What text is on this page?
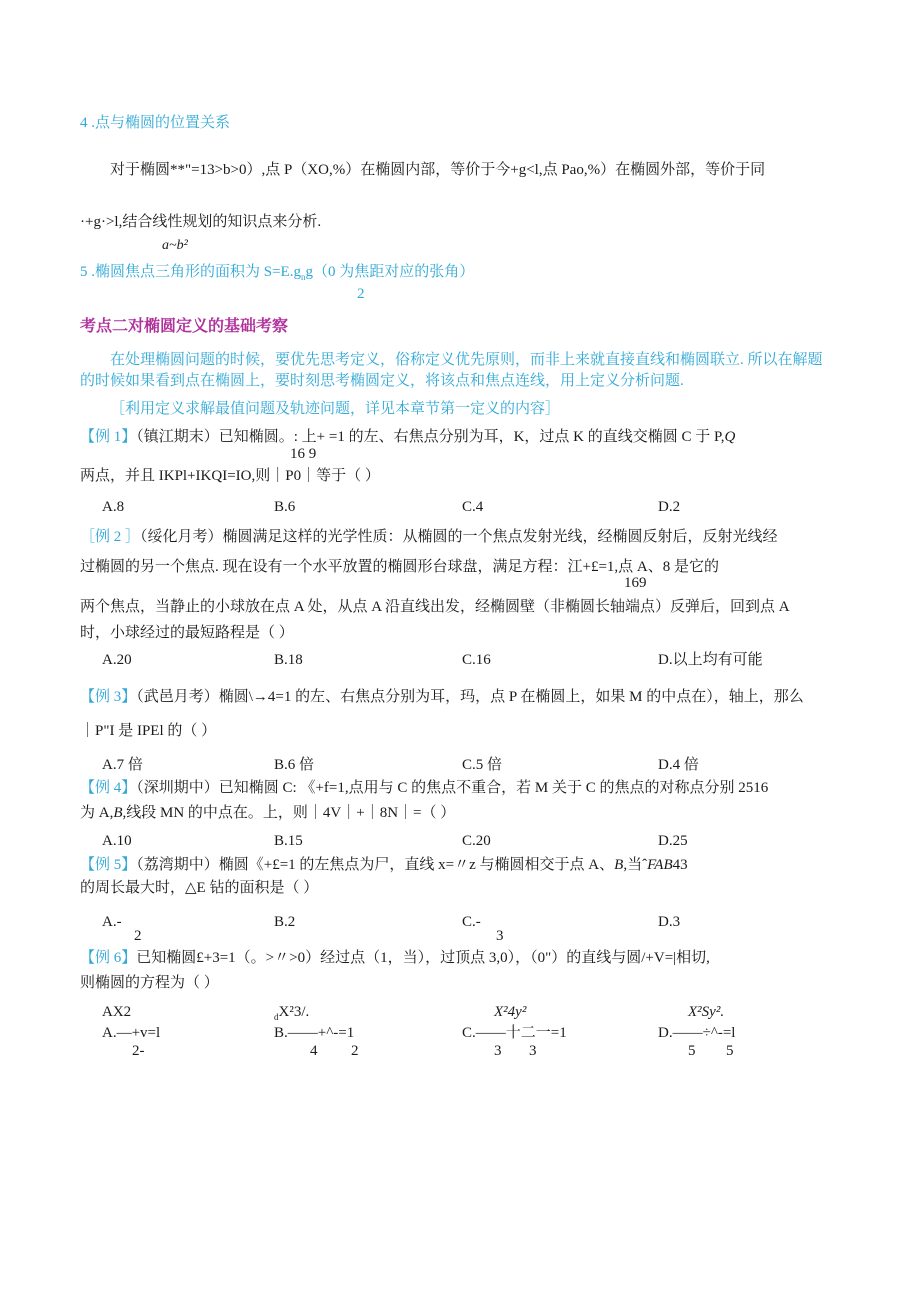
4 .点与椭圆的位置关系
对于椭圆**"=13>b>0）,点 P（XO,%）在椭圆内部，等价于今+g<l,点 Pao,%）在椭圆外部，等价于同
·+g·>l,结合线性规划的知识点来分析.
a~b²
5 .椭圆焦点三角形的面积为 $S=E.g_ng(0$ 为焦距对应的张角）
2
考点二对椭圆定义的基础考察
在处理椭圆问题的时候，要优先思考定义，俗称定义优先原则，而非上来就直接直线和椭圆联立. 所以在解题
的时候如果看到点在椭圆上，要时刻思考椭圆定义，将该点和焦点连线，用上定义分析问题.
［利用定义求解最值问题及轨迹问题，详见本章节第一定义的内容］
【例 1】（镇江期末）已知椭圆。: 上+ =1 的左、右焦点分别为耳，K，过点 K 的直线交椭圆 C 于 P,Q
16 9
两点，并且 IKPl+IKQI=IO,则｜P0｜等于（ ）
A.8	B.6	C.4	D.2
［例 2 ］（绥化月考）椭圆满足这样的光学性质：从椭圆的一个焦点发射光线，经椭圆反射后，反射光线经
过椭圆的另一个焦点. 现在设有一个水平放置的椭圆形台球盘，满足方程：江+£=1,点 A、8 是它的
169
两个焦点，当静止的小球放在点 A 处，从点 A 沿直线出发，经椭圆壁（非椭圆长轴端点）反弹后，回到点 A
时，小球经过的最短路程是（ ）
A.20	B.18	C.16	D.以上均有可能
【例 3】（武邑月考）椭圆\→4=1 的左、右焦点分别为耳，玛，点 P 在椭圆上，如果 M 的中点在），轴上，那么
｜P"I 是 IPEl 的（ ）
A.7 倍	B.6 倍	C.5 倍	D.4 倍
【例 4】（深圳期中）已知椭圆 C: 《+f=1,点用与 C 的焦点不重合，若 M 关于 C 的焦点的对称点分别 2516
为 A,B,线段 MN 的中点在。上，则｜4V｜+｜8N｜=（ ）
A.10	B.15	C.20	D.25
【例 5】（荔湾期中）椭圆《+£=1 的左焦点为尸，直线 x=〃z 与椭圆相交于点 A、B,当ˆFAB43
的周长最大时，△E 钻的面积是（ ）
A.-
2
B.2	C.-
3
D.3
【例 6】已知椭圆£+3=1（。>〃>0）经过点（1，当），过顶点 3,0），（0"）的直线与圆/+V=|相切,
则椭圆的方程为（ ）
AX2
A.—+v=l
2-
$_d$X²3/.
B.——+^-=1
4 2
X²4y²
C.——十二一=1
3 3
X²Sy².
D.——÷^-=l
5 5
